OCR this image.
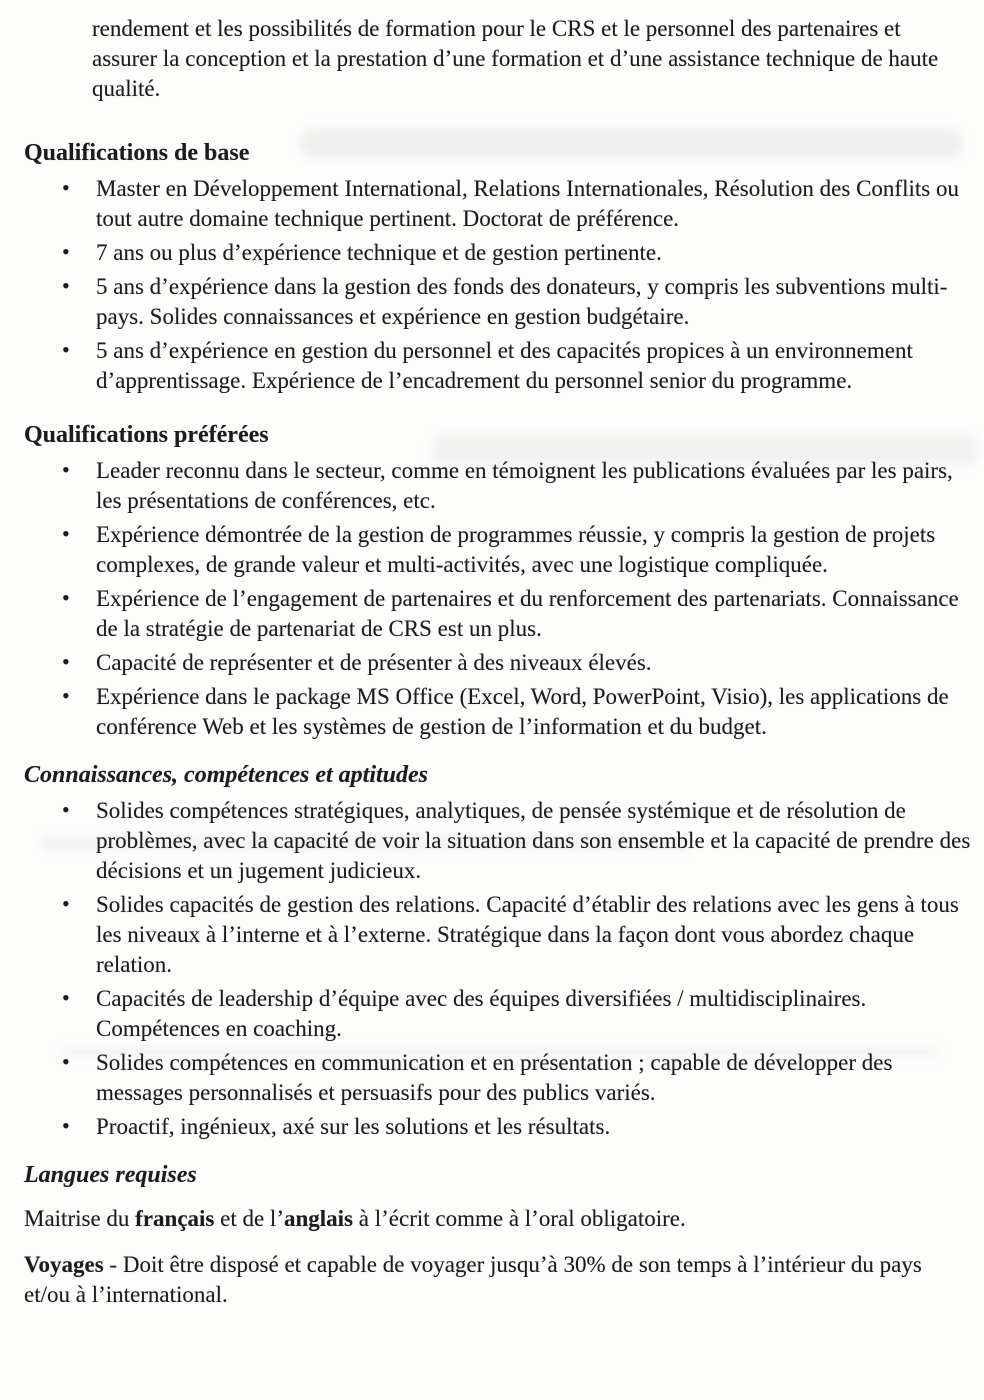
rendement et les possibilités de formation pour le CRS et le personnel des partenaires et assurer la conception et la prestation d’une formation et d’une assistance technique de haute qualité.

Qualifications de base
• Master en Développement International, Relations Internationales, Résolution des Conflits ou tout autre domaine technique pertinent. Doctorat de préférence.
• 7 ans ou plus d’expérience technique et de gestion pertinente.
• 5 ans d’expérience dans la gestion des fonds des donateurs, y compris les subventions multi-pays. Solides connaissances et expérience en gestion budgétaire.
• 5 ans d’expérience en gestion du personnel et des capacités propices à un environnement d’apprentissage. Expérience de l’encadrement du personnel senior du programme.
Qualifications préférées
• Leader reconnu dans le secteur, comme en témoignent les publications évaluées par les pairs, les présentations de conférences, etc.
• Expérience démontrée de la gestion de programmes réussie, y compris la gestion de projets complexes, de grande valeur et multi-activités, avec une logistique compliquée.
• Expérience de l’engagement de partenaires et du renforcement des partenariats. Connaissance de la stratégie de partenariat de CRS est un plus.
• Capacité de représenter et de présenter à des niveaux élevés.
• Expérience dans le package MS Office (Excel, Word, PowerPoint, Visio), les applications de conférence Web et les systèmes de gestion de l’information et du budget.
Connaissances, compétences et aptitudes
• Solides compétences stratégiques, analytiques, de pensée systémique et de résolution de problèmes, avec la capacité de voir la situation dans son ensemble et la capacité de prendre des décisions et un jugement judicieux.
• Solides capacités de gestion des relations. Capacité d’établir des relations avec les gens à tous les niveaux à l’interne et à l’externe. Stratégique dans la façon dont vous abordez chaque relation.
• Capacités de leadership d’équipe avec des équipes diversifiées / multidisciplinaires. Compétences en coaching.
• Solides compétences en communication et en présentation ; capable de développer des messages personnalisés et persuasifs pour des publics variés.
• Proactif, ingénieux, axé sur les solutions et les résultats.
Langues requises

Maitrise du français et de l’anglais à l’écrit comme à l’oral obligatoire.

Voyages - Doit être disposé et capable de voyager jusqu’à 30% de son temps à l’intérieur du pays et/ou à l’international.
